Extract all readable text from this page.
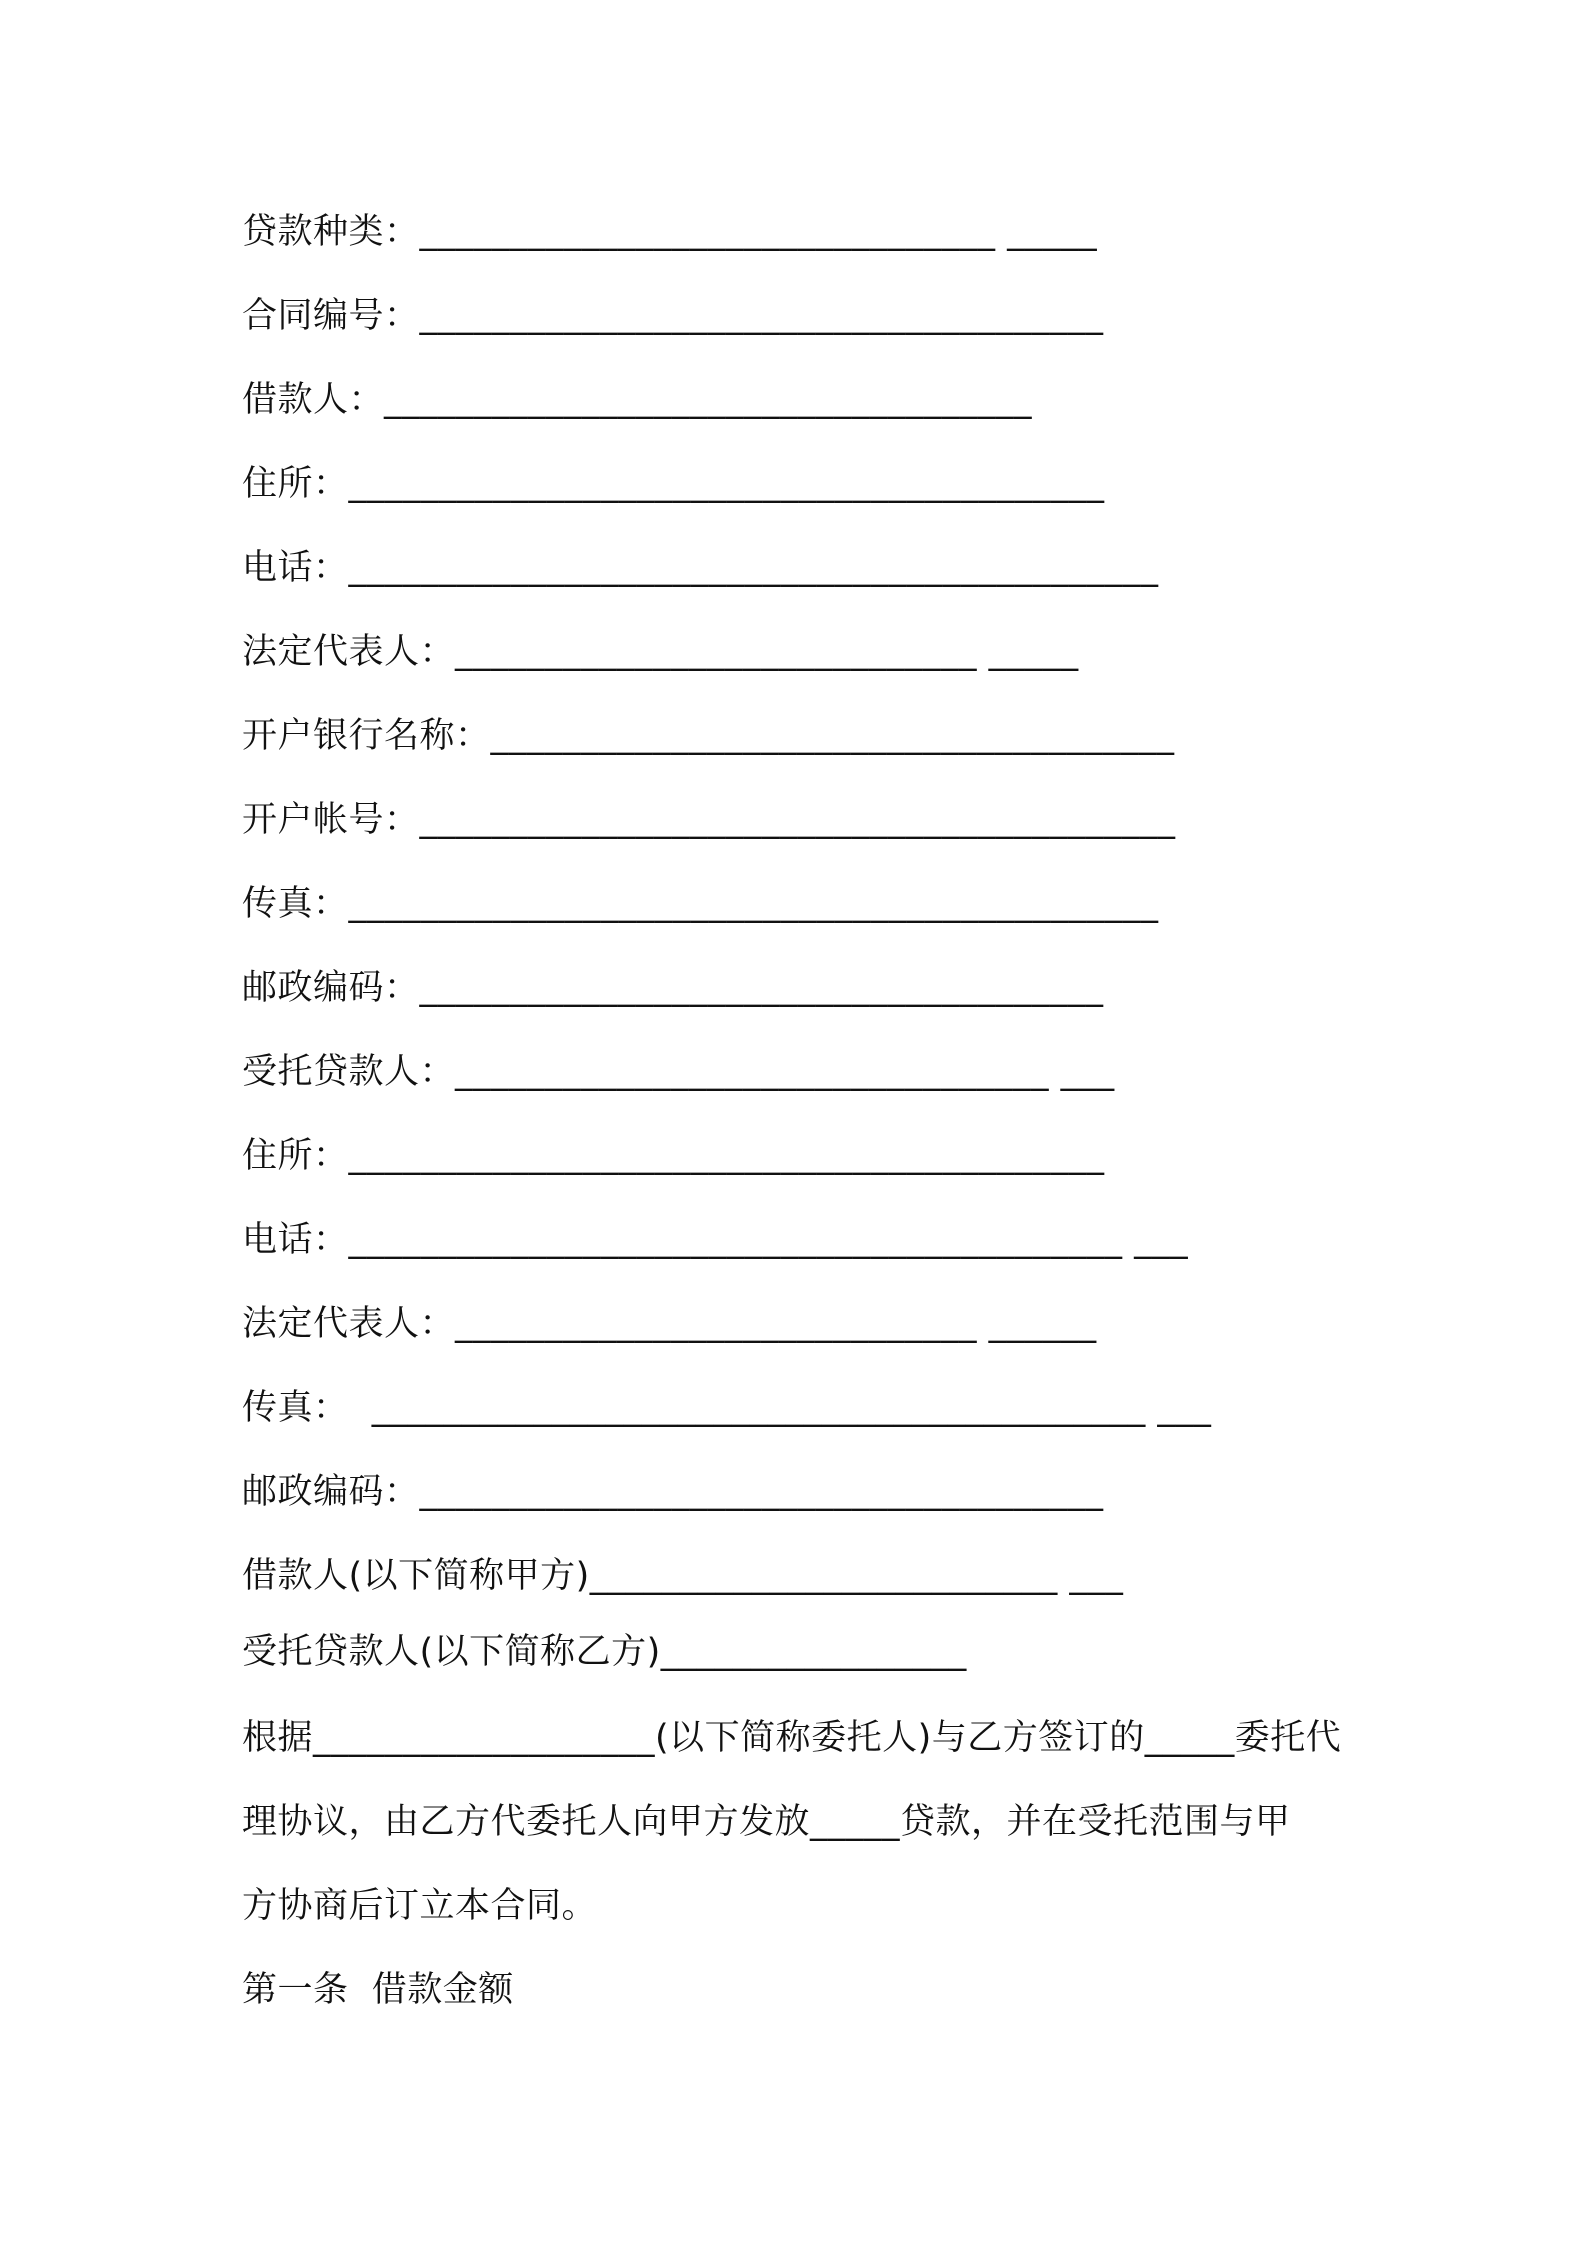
贷款种类：________________________________ _____
合同编号：______________________________________
借款人：____________________________________
住所：__________________________________________
电话：_____________________________________________
法定代表人：_____________________________ _____
开户银行名称：______________________________________
开户帐号：__________________________________________
传真：_____________________________________________
邮政编码：______________________________________
受托贷款人：_________________________________ ___
住所：__________________________________________
电话：___________________________________________ ___
法定代表人：_____________________________ ______
传真：  ___________________________________________ ___
邮政编码：______________________________________
借款人(以下简称甲方)__________________________ ___
受托贷款人(以下简称乙方)_________________
根据___________________(以下简称委托人)与乙方签订的_____委托代
理协议，由乙方代委托人向甲方发放_____贷款，并在受托范围与甲
方协商后订立本合同。
第一条  借款金额
